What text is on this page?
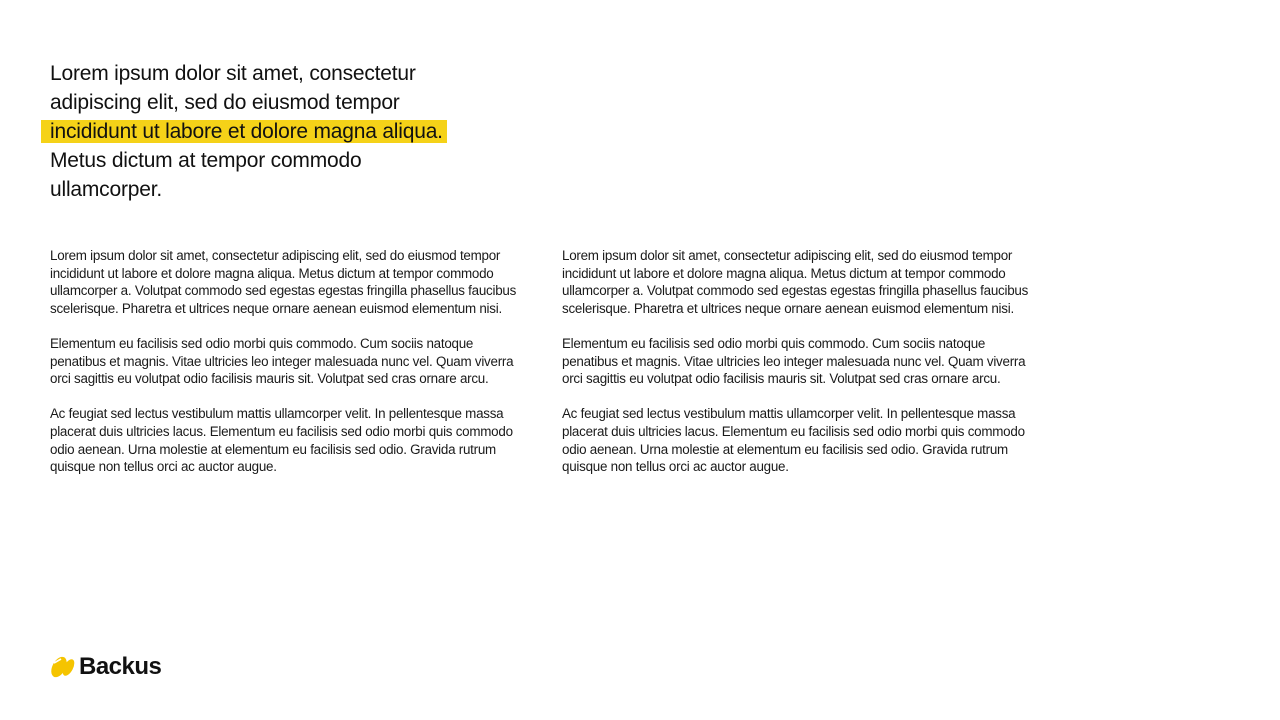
Lorem ipsum dolor sit amet, consectetur
adipiscing elit, sed do eiusmod tempor
incididunt ut labore et dolore magna aliqua.
Metus dictum at tempor commodo
ullamcorper.

Lorem ipsum dolor sit amet, consectetur adipiscing elit, sed do eiusmod tempor incididunt ut labore et dolore magna aliqua. Metus dictum at tempor commodo ullamcorper a. Volutpat commodo sed egestas egestas fringilla phasellus faucibus scelerisque. Pharetra et ultrices neque ornare aenean euismod elementum nisi.

Elementum eu facilisis sed odio morbi quis commodo. Cum sociis natoque penatibus et magnis. Vitae ultricies leo integer malesuada nunc vel. Quam viverra orci sagittis eu volutpat odio facilisis mauris sit. Volutpat sed cras ornare arcu.

Ac feugiat sed lectus vestibulum mattis ullamcorper velit. In pellentesque massa placerat duis ultricies lacus. Elementum eu facilisis sed odio morbi quis commodo odio aenean. Urna molestie at elementum eu facilisis sed odio. Gravida rutrum quisque non tellus orci ac auctor augue.

Lorem ipsum dolor sit amet, consectetur adipiscing elit, sed do eiusmod tempor incididunt ut labore et dolore magna aliqua. Metus dictum at tempor commodo ullamcorper a. Volutpat commodo sed egestas egestas fringilla phasellus faucibus scelerisque. Pharetra et ultrices neque ornare aenean euismod elementum nisi.

Elementum eu facilisis sed odio morbi quis commodo. Cum sociis natoque penatibus et magnis. Vitae ultricies leo integer malesuada nunc vel. Quam viverra orci sagittis eu volutpat odio facilisis mauris sit. Volutpat sed cras ornare arcu.

Ac feugiat sed lectus vestibulum mattis ullamcorper velit. In pellentesque massa placerat duis ultricies lacus. Elementum eu facilisis sed odio morbi quis commodo odio aenean. Urna molestie at elementum eu facilisis sed odio. Gravida rutrum quisque non tellus orci ac auctor augue.

Backus
